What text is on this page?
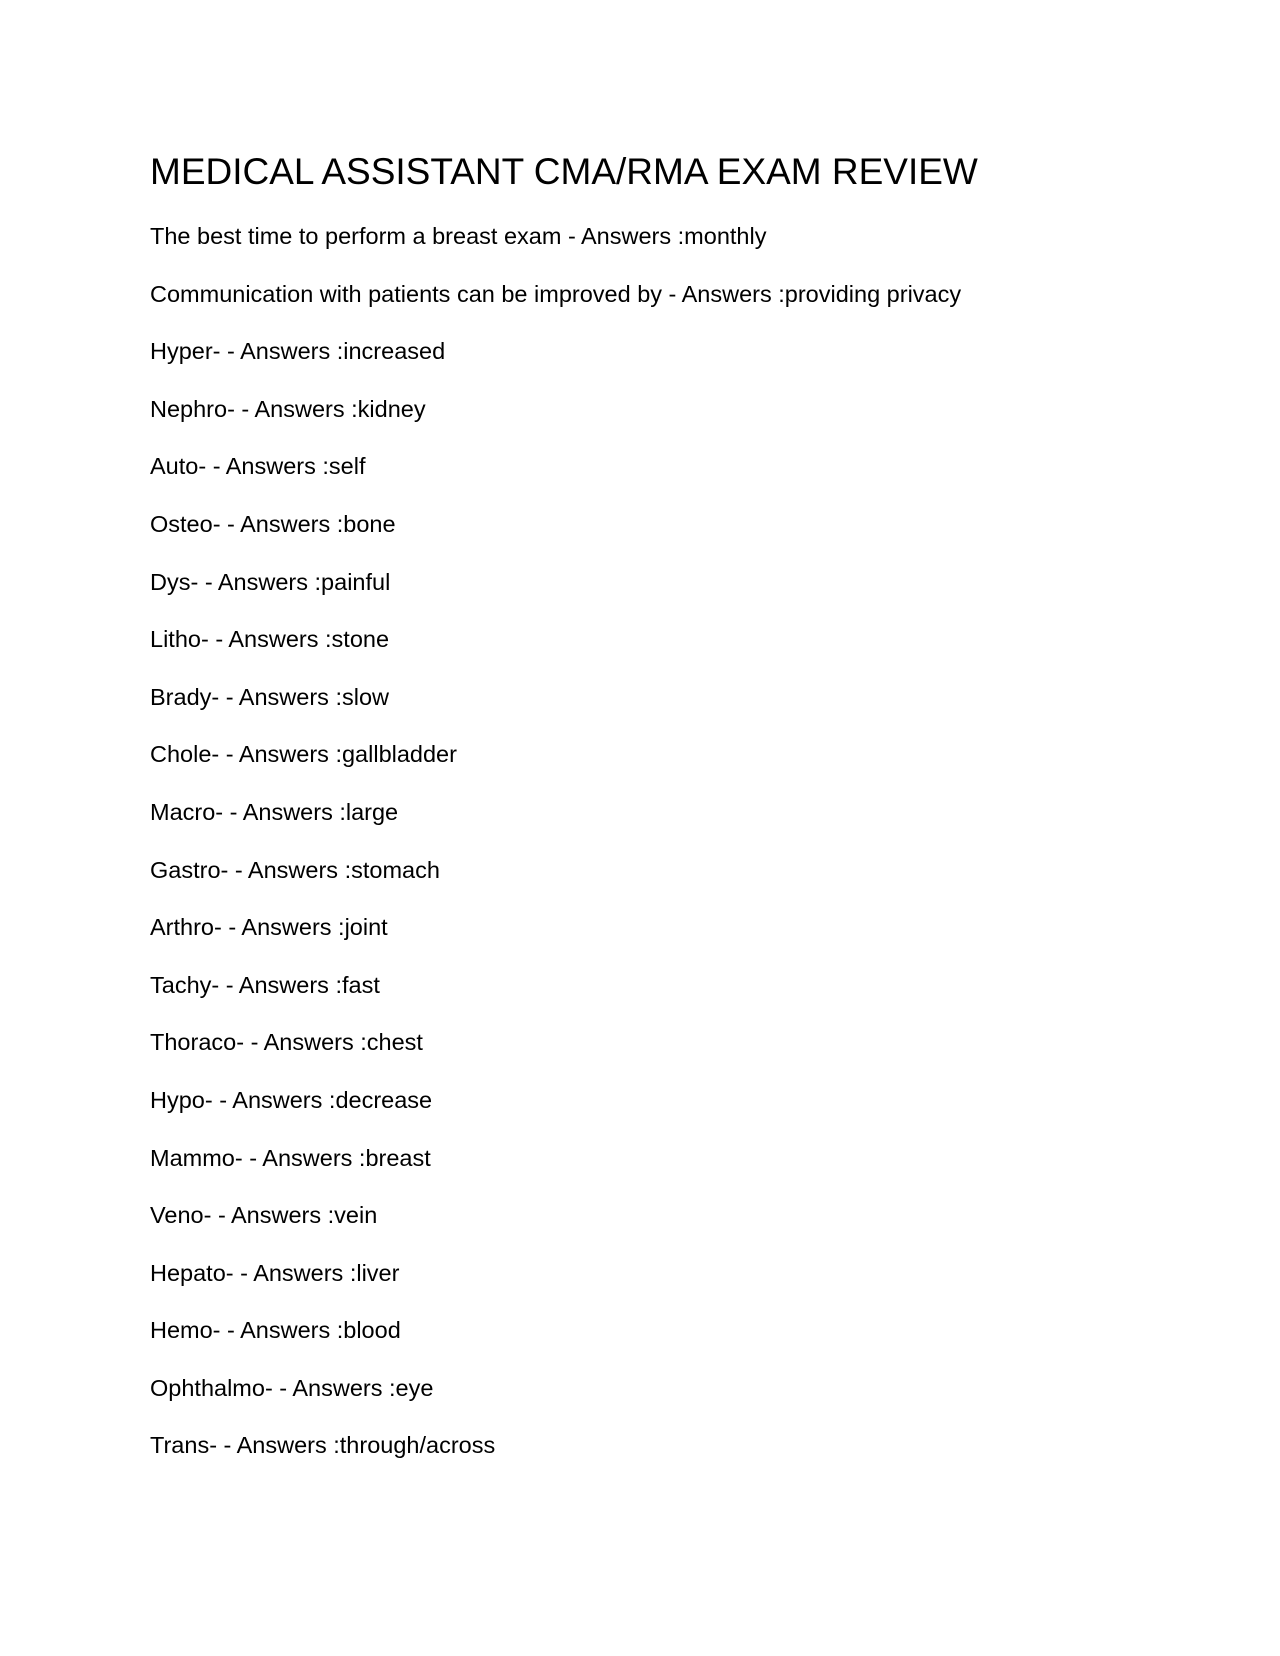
MEDICAL ASSISTANT CMA/RMA EXAM REVIEW
The best time to perform a breast exam - Answers :monthly
Communication with patients can be improved by - Answers :providing privacy
Hyper- - Answers :increased
Nephro- - Answers :kidney
Auto- - Answers :self
Osteo- - Answers :bone
Dys- - Answers :painful
Litho- - Answers :stone
Brady- - Answers :slow
Chole- - Answers :gallbladder
Macro- - Answers :large
Gastro- - Answers :stomach
Arthro- - Answers :joint
Tachy- - Answers :fast
Thoraco- - Answers :chest
Hypo- - Answers :decrease
Mammo- - Answers :breast
Veno- - Answers :vein
Hepato- - Answers :liver
Hemo- - Answers :blood
Ophthalmo- - Answers :eye
Trans- - Answers :through/across
